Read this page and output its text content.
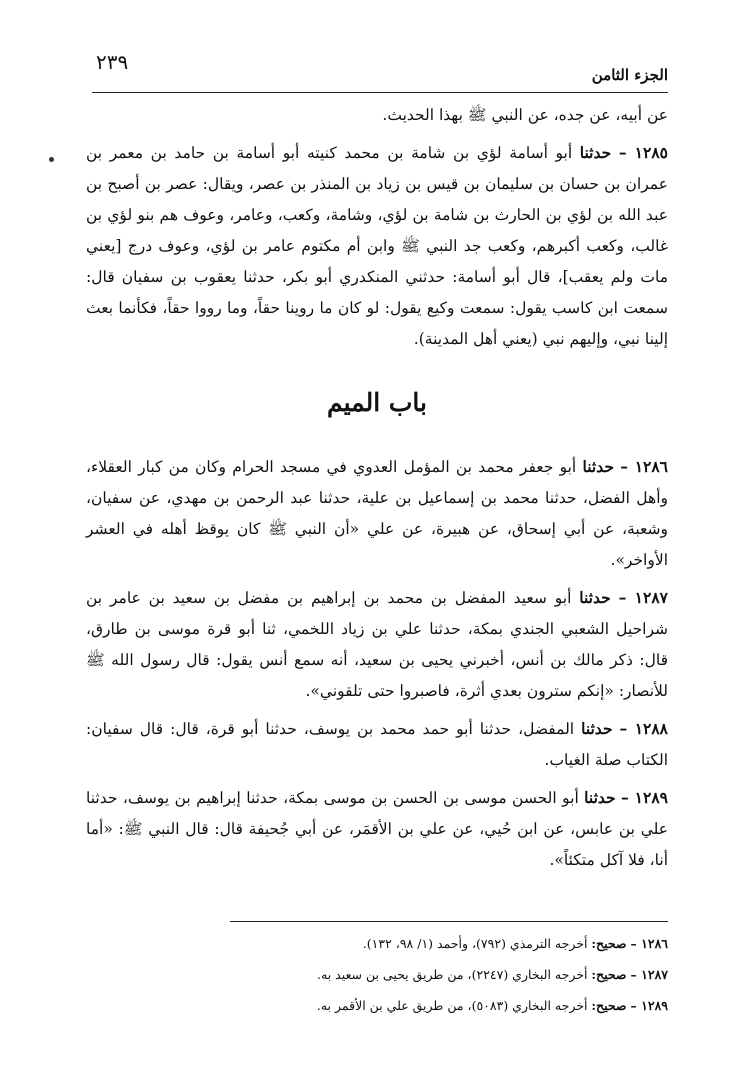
٢٣٩
الجزء الثامن

عن أبيه، عن جده، عن النبي ﷺ بهذا الحديث.

١٢٨٥ – حدثنا أبو أسامة لؤي بن شامة بن محمد كنيته أبو أسامة بن حامد بن معمر بن عمران بن حسان بن سليمان بن قيس بن زياد بن المنذر بن عصر، ويقال: عصر بن أصبح بن عبد الله بن لؤي بن الحارث بن شامة بن لؤي، وشامة، وكعب، وعامر، وعوف هم بنو لؤي بن غالب، وكعب أكبرهم، وكعب جد النبي ﷺ وابن أم مكتوم عامر بن لؤي، وعوف درج [يعني مات ولم يعقب]، قال أبو أسامة: حدثني المنكدري أبو بكر، حدثنا يعقوب بن سفيان قال: سمعت ابن كاسب يقول: سمعت وكيع يقول: لو كان ما روينا حقاً، وما رووا حقاً، فكأنما بعث إلينا نبي، وإليهم نبي (يعني أهل المدينة).

باب الميم

١٢٨٦ – حدثنا أبو جعفر محمد بن المؤمل العدوي في مسجد الحرام وكان من كبار العقلاء، وأهل الفضل، حدثنا محمد بن إسماعيل بن علية، حدثنا عبد الرحمن بن مهدي، عن سفيان، وشعبة، عن أبي إسحاق، عن هبيرة، عن علي «أن النبي ﷺ كان يوقظ أهله في العشر الأواخر».

١٢٨٧ – حدثنا أبو سعيد المفضل بن محمد بن إبراهيم بن مفضل بن سعيد بن عامر بن شراحيل الشعبي الجندي بمكة، حدثنا علي بن زياد اللخمي، ثنا أبو قرة موسى بن طارق، قال: ذكر مالك بن أنس، أخبرني يحيى بن سعيد، أنه سمع أنس يقول: قال رسول الله ﷺ للأنصار: «إنكم سترون بعدي أثرة، فاصبروا حتى تلقوني».

١٢٨٨ – حدثنا المفضل، حدثنا أبو حمد محمد بن يوسف، حدثنا أبو قرة، قال: قال سفيان: الكتاب صلة الغياب.

١٢٨٩ – حدثنا أبو الحسن موسى بن الحسن بن موسى بمكة، حدثنا إبراهيم بن يوسف، حدثنا علي بن عابس، عن ابن حُيي، عن علي بن الأقمَر، عن أبي جُحيفة قال: قال النبي ﷺ: «أما أنا، فلا آكل متكئاً».

١٢٨٦ – صحيح: أخرجه الترمذي (٧٩٢)، وأحمد (١/ ٩٨، ١٣٢).

١٢٨٧ – صحيح: أخرجه البخاري (٢٢٤٧)، من طريق يحيى بن سعيد به.

١٢٨٩ – صحيح: أخرجه البخاري (٥٠٨٣)، من طريق علي بن الأقمر به.
